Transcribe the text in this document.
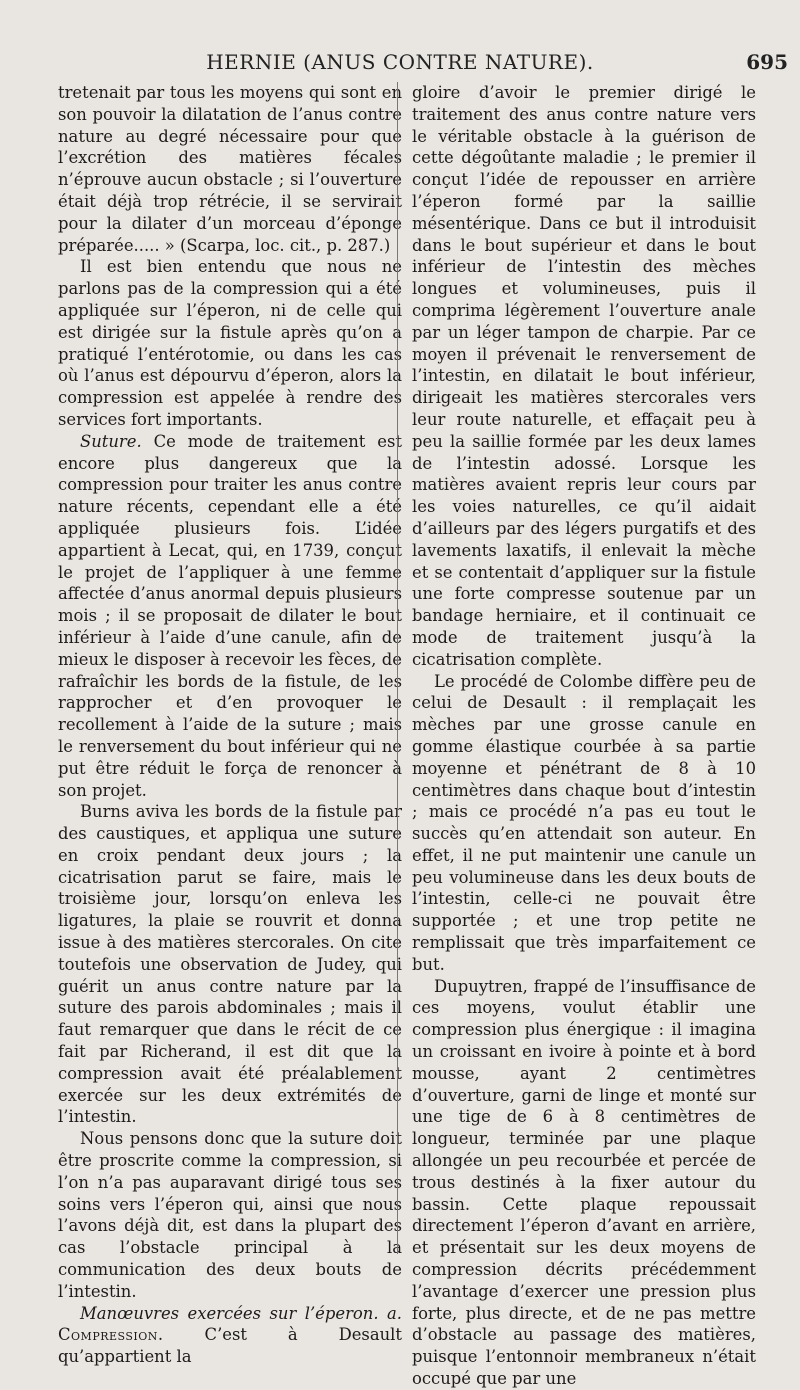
HERNIE (ANUS CONTRE NATURE).	695

tretenait par tous les moyens qui sont en son pouvoir la dilatation de l’anus contre nature au degré nécessaire pour que l’excrétion des matières fécales n’éprouve aucun obstacle ; si l’ouverture était déjà trop rétrécie, il se servirait pour la dilater d’un morceau d’éponge préparée..... » (Scarpa, loc. cit., p. 287.)

Il est bien entendu que nous ne parlons pas de la compression qui a été appliquée sur l’éperon, ni de celle qui est dirigée sur la fistule après qu’on a pratiqué l’entérotomie, ou dans les cas où l’anus est dépourvu d’éperon, alors la compression est appelée à rendre des services fort importants.

Suture. Ce mode de traitement est encore plus dangereux que la compression pour traiter les anus contre nature récents, cependant elle a été appliquée plusieurs fois. L’idée appartient à Lecat, qui, en 1739, conçut le projet de l’appliquer à une femme affectée d’anus anormal depuis plusieurs mois ; il se proposait de dilater le bout inférieur à l’aide d’une canule, afin de mieux le disposer à recevoir les fèces, de rafraîchir les bords de la fistule, de les rapprocher et d’en provoquer le recollement à l’aide de la suture ; mais le renversement du bout inférieur qui ne put être réduit le força de renoncer à son projet.

Burns aviva les bords de la fistule par des caustiques, et appliqua une suture en croix pendant deux jours ; la cicatrisation parut se faire, mais le troisième jour, lorsqu’on enleva les ligatures, la plaie se rouvrit et donna issue à des matières stercorales. On cite toutefois une observation de Judey, qui guérit un anus contre nature par la suture des parois abdominales ; mais il faut remarquer que dans le récit de ce fait par Richerand, il est dit que la compression avait été préalablement exercée sur les deux extrémités de l’intestin.

Nous pensons donc que la suture doit être proscrite comme la compression, si l’on n’a pas auparavant dirigé tous ses soins vers l’éperon qui, ainsi que nous l’avons déjà dit, est dans la plupart des cas l’obstacle principal à la communication des deux bouts de l’intestin.

Manœuvres exercées sur l’éperon. a. Compression. C’est à Desault qu’appartient la

gloire d’avoir le premier dirigé le traitement des anus contre nature vers le véritable obstacle à la guérison de cette dégoûtante maladie ; le premier il conçut l’idée de repousser en arrière l’éperon formé par la saillie mésentérique. Dans ce but il introduisit dans le bout supérieur et dans le bout inférieur de l’intestin des mèches longues et volumineuses, puis il comprima légèrement l’ouverture anale par un léger tampon de charpie. Par ce moyen il prévenait le renversement de l’intestin, en dilatait le bout inférieur, dirigeait les matières stercorales vers leur route naturelle, et effaçait peu à peu la saillie formée par les deux lames de l’intestin adossé. Lorsque les matières avaient repris leur cours par les voies naturelles, ce qu’il aidait d’ailleurs par des légers purgatifs et des lavements laxatifs, il enlevait la mèche et se contentait d’appliquer sur la fistule une forte compresse soutenue par un bandage herniaire, et il continuait ce mode de traitement jusqu’à la cicatrisation complète.

Le procédé de Colombe diffère peu de celui de Desault : il remplaçait les mèches par une grosse canule en gomme élastique courbée à sa partie moyenne et pénétrant de 8 à 10 centimètres dans chaque bout d’intestin ; mais ce procédé n’a pas eu tout le succès qu’en attendait son auteur. En effet, il ne put maintenir une canule un peu volumineuse dans les deux bouts de l’intestin, celle-ci ne pouvait être supportée ; et une trop petite ne remplissait que très imparfaitement ce but.

Dupuytren, frappé de l’insuffisance de ces moyens, voulut établir une compression plus énergique : il imagina un croissant en ivoire à pointe et à bord mousse, ayant 2 centimètres d’ouverture, garni de linge et monté sur une tige de 6 à 8 centimètres de longueur, terminée par une plaque allongée un peu recourbée et percée de trous destinés à la fixer autour du bassin. Cette plaque repoussait directement l’éperon d’avant en arrière, et présentait sur les deux moyens de compression décrits précédemment l’avantage d’exercer une pression plus forte, plus directe, et de ne pas mettre d’obstacle au passage des matières, puisque l’entonnoir membraneux n’était occupé que par une
